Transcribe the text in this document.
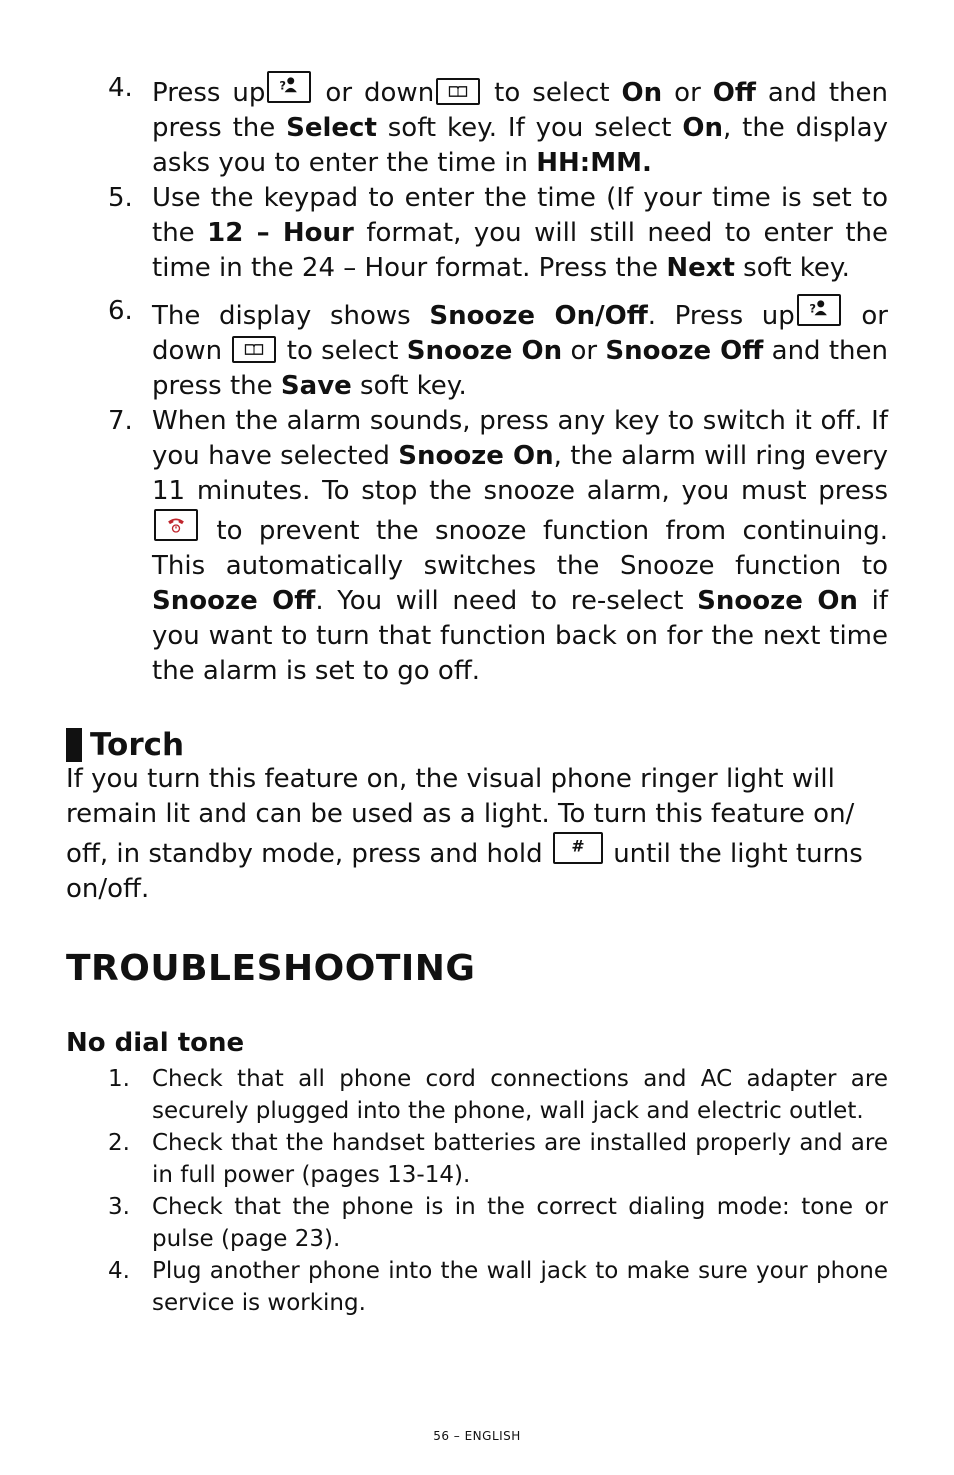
4. Press up ? or down
to select On or Off and then press the Select soft key. If you select On, the display asks you to enter the time in HH:MM.
5. Use the keypad to enter the time (If your time is set to the 12 – Hour format, you will still need to enter the time in the 24 – Hour format. Press the Next soft key.
6. The display shows Snooze On/Off. Press up ? or down
to select Snooze On or Snooze Off and then press the Save soft key.
7. When the alarm sounds, press any key to switch it off. If you have selected Snooze On, the alarm will ring every 11 minutes. To stop the snooze alarm, you must press
to prevent the snooze function from continuing. This automatically switches the Snooze function to Snooze Off. You will need to re-select Snooze On if you want to turn that function back on for the next time the alarm is set to go off.
Torch

If you turn this feature on, the visual phone ringer light will remain lit and can be used as a light. To turn this feature on/ off, in standby mode, press and hold # until the light turns on/off.

TROUBLESHOOTING
No dial tone
1. Check that all phone cord connections and AC adapter are securely plugged into the phone, wall jack and electric outlet.
2. Check that the handset batteries are installed properly and are in full power (pages 13-14).
3. Check that the phone is in the correct dialing mode: tone or pulse (page 23).
4. Plug another phone into the wall jack to make sure your phone service is working.
56 – ENGLISH
